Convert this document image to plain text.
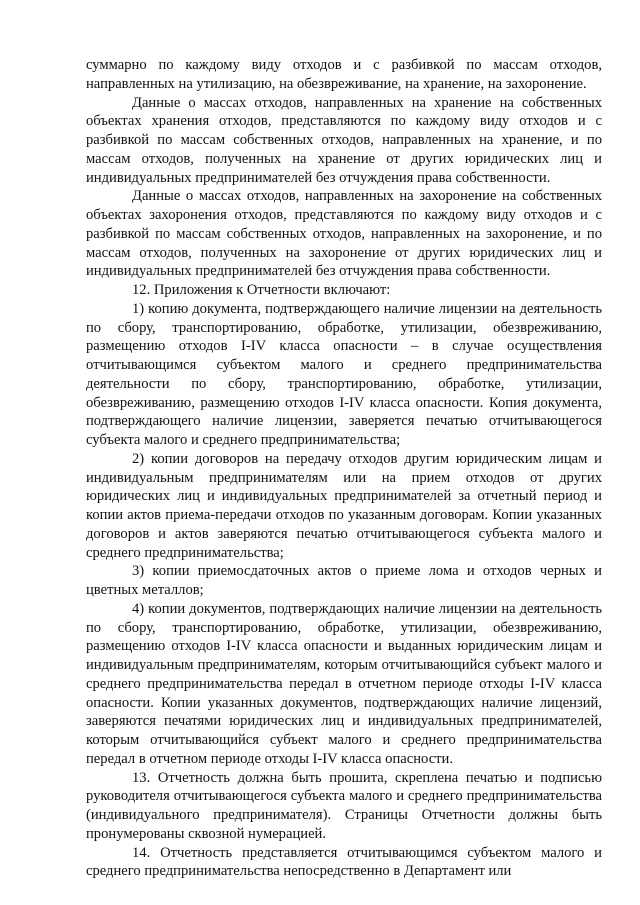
суммарно по каждому виду отходов и с разбивкой по массам отходов, направленных на утилизацию, на обезвреживание, на хранение, на захоронение.

Данные о массах отходов, направленных на хранение на собственных объектах хранения отходов, представляются по каждому виду отходов и с разбивкой по массам собственных отходов, направленных на хранение, и по массам отходов, полученных на хранение от других юридических лиц и индивидуальных предпринимателей без отчуждения права собственности.

Данные о массах отходов, направленных на захоронение на собственных объектах захоронения отходов, представляются по каждому виду отходов и с разбивкой по массам собственных отходов, направленных на захоронение, и по массам отходов, полученных на захоронение от других юридических лиц и индивидуальных предпринимателей без отчуждения права собственности.

12. Приложения к Отчетности включают:

1) копию документа, подтверждающего наличие лицензии на деятельность по сбору, транспортированию, обработке, утилизации, обезвреживанию, размещению отходов I-IV класса опасности – в случае осуществления отчитывающимся субъектом малого и среднего предпринимательства деятельности по сбору, транспортированию, обработке, утилизации, обезвреживанию, размещению отходов I-IV класса опасности. Копия документа, подтверждающего наличие лицензии, заверяется печатью отчитывающегося субъекта малого и среднего предпринимательства;

2) копии договоров на передачу отходов другим юридическим лицам и индивидуальным предпринимателям или на прием отходов от других юридических лиц и индивидуальных предпринимателей за отчетный период и копии актов приема-передачи отходов по указанным договорам. Копии указанных договоров и актов заверяются печатью отчитывающегося субъекта малого и среднего предпринимательства;

3) копии приемосдаточных актов о приеме лома и отходов черных и цветных металлов;

4) копии документов, подтверждающих наличие лицензии на деятельность по сбору, транспортированию, обработке, утилизации, обезвреживанию, размещению отходов I-IV класса опасности и выданных юридическим лицам и индивидуальным предпринимателям, которым отчитывающийся субъект малого и среднего предпринимательства передал в отчетном периоде отходы I-IV класса опасности. Копии указанных документов, подтверждающих наличие лицензий, заверяются печатями юридических лиц и индивидуальных предпринимателей, которым отчитывающийся субъект малого и среднего предпринимательства передал в отчетном периоде отходы I-IV класса опасности.

13. Отчетность должна быть прошита, скреплена печатью и подписью руководителя отчитывающегося субъекта малого и среднего предпринимательства (индивидуального предпринимателя). Страницы Отчетности должны быть пронумерованы сквозной нумерацией.

14. Отчетность представляется отчитывающимся субъектом малого и среднего предпринимательства непосредственно в Департамент или
